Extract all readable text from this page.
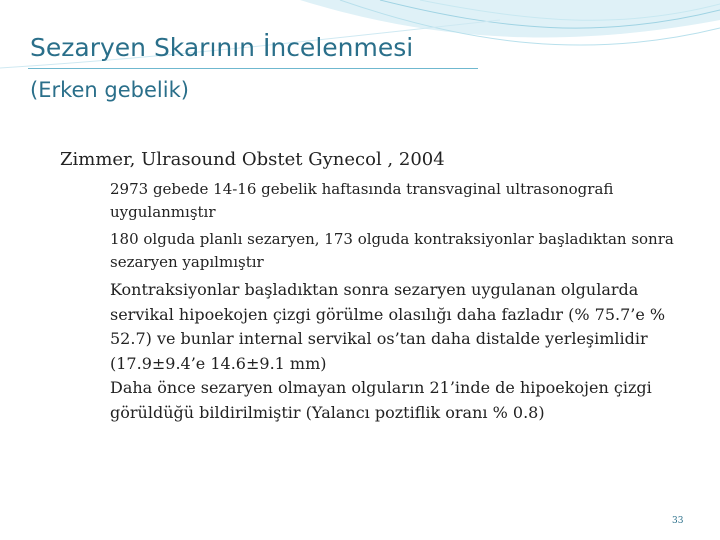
Sezaryen Skarının İncelenmesi
(Erken gebelik)
Zimmer, Ulrasound Obstet Gynecol , 2004
2973 gebede 14-16 gebelik haftasında transvaginal ultrasonografi uygulanmıştır
180 olguda planlı sezaryen, 173 olguda kontraksiyonlar başladıktan sonra sezaryen yapılmıştır
Kontraksiyonlar başladıktan sonra sezaryen uygulanan olgularda servikal hipoekojen çizgi görülme olasılığı daha fazladır (% 75.7’e % 52.7) ve bunlar internal servikal os’tan daha distalde yerleşimlidir (17.9±9.4’e 14.6±9.1 mm)
Daha önce sezaryen olmayan olguların 21’inde de hipoekojen çizgi görüldüğü bildirilmiştir (Yalancı poztiflik oranı % 0.8)
33
